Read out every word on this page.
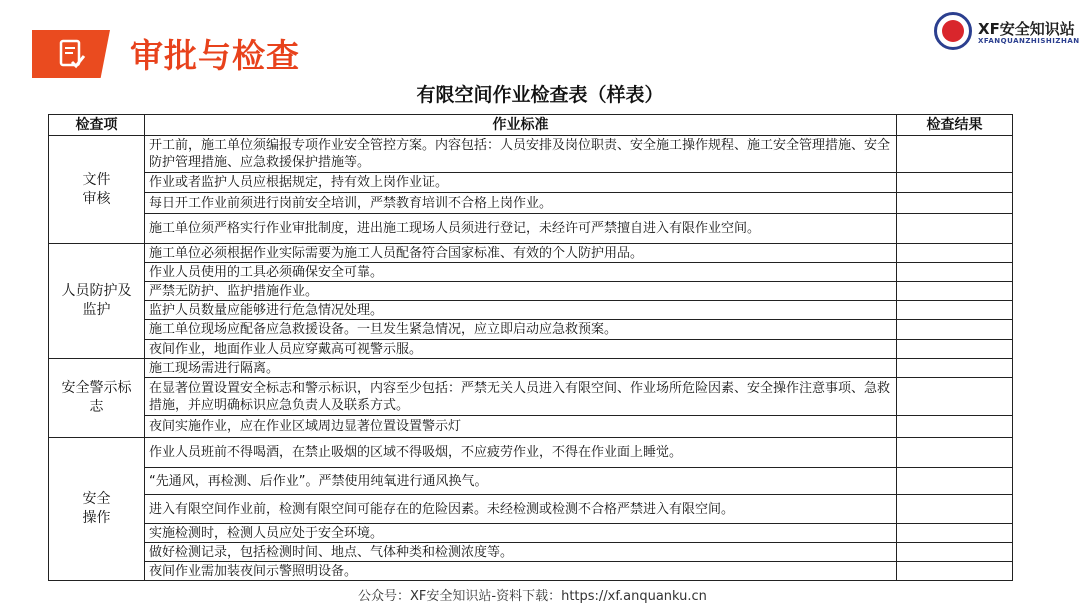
审批与检查
XF安全知识站
XFANQUANZHISHIZHAN
有限空间作业检查表（样表）
检查项	作业标准	检查结果
文件
审核	开工前，施工单位须编报专项作业安全管控方案。内容包括：人员安排及岗位职责、安全施工操作规程、施工安全管理措施、安全防护管理措施、应急救援保护措施等。	
	作业或者监护人员应根据规定，持有效上岗作业证。	
	每日开工作业前须进行岗前安全培训，严禁教育培训不合格上岗作业。	
	施工单位须严格实行作业审批制度，进出施工现场人员须进行登记，未经许可严禁擅自进入有限作业空间。	
人员防护及
监护	施工单位必须根据作业实际需要为施工人员配备符合国家标准、有效的个人防护用品。	
	作业人员使用的工具必须确保安全可靠。	
	严禁无防护、监护措施作业。	
	监护人员数量应能够进行危急情况处理。	
	施工单位现场应配备应急救援设备。一旦发生紧急情况，应立即启动应急救预案。	
	夜间作业，地面作业人员应穿戴高可视警示服。	
安全警示标
志	施工现场需进行隔离。	
	在显著位置设置安全标志和警示标识，内容至少包括：严禁无关人员进入有限空间、作业场所危险因素、安全操作注意事项、急救措施，并应明确标识应急负责人及联系方式。	
	夜间实施作业，应在作业区域周边显著位置设置警示灯	
安全
操作	作业人员班前不得喝酒，在禁止吸烟的区域不得吸烟，不应疲劳作业，不得在作业面上睡觉。	
	“先通风，再检测、后作业”。严禁使用纯氧进行通风换气。	
	进入有限空间作业前，检测有限空间可能存在的危险因素。未经检测或检测不合格严禁进入有限空间。	
	实施检测时，检测人员应处于安全环境。	
	做好检测记录，包括检测时间、地点、气体种类和检测浓度等。	
	夜间作业需加装夜间示警照明设备。	
公众号：XF安全知识站-资料下载：https://xf.anquanku.cn
